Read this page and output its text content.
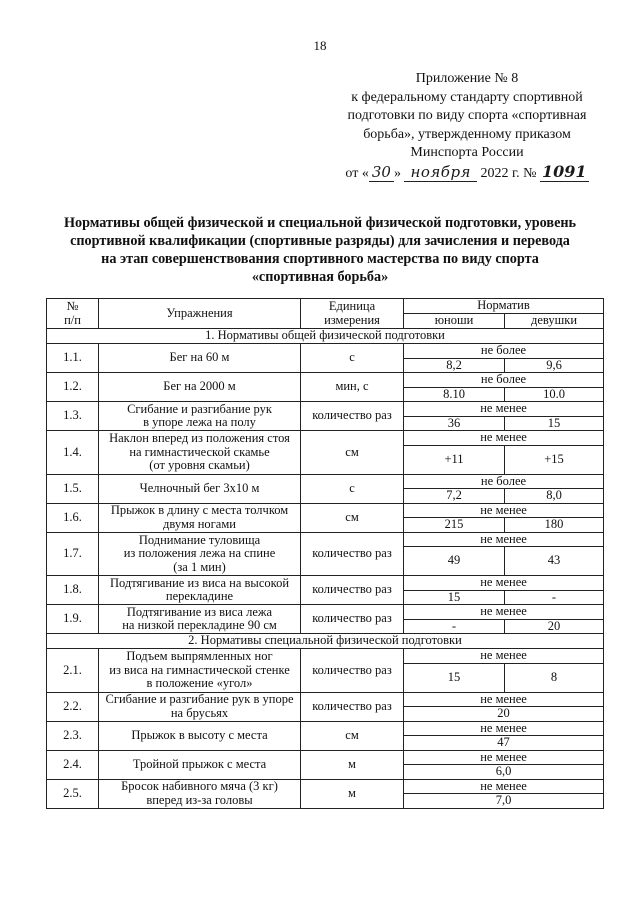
18
Приложение № 8
к федеральному стандарту спортивной
подготовки по виду спорта «спортивная
борьба», утвержденному приказом
Минспорта России
от « 30 » ноября 2022 г. № 1091
Нормативы общей физической и специальной физической подготовки, уровень
спортивной квалификации (спортивные разряды) для зачисления и перевода
на этап совершенствования спортивного мастерства по виду спорта
«спортивная борьба»
№
п/п	Упражнения	Единица
измерения	Норматив	
			юноши	девушки
1. Нормативы общей физической подготовки				
1.1.	Бег на 60 м	с	не более	
			8,2	9,6
1.2.	Бег на 2000 м	мин, с	не более	
			8.10	10.0
1.3.	Сгибание и разгибание рук
в упоре лежа на полу	количество раз	не менее	
			36	15
1.4.	Наклон вперед из положения стоя
на гимнастической скамье
(от уровня скамьи)	см	не менее	
			+11	+15
1.5.	Челночный бег 3х10 м	с	не более	
			7,2	8,0
1.6.	Прыжок в длину с места толчком
двумя ногами	см	не менее	
			215	180
1.7.	Поднимание туловища
из положения лежа на спине
(за 1 мин)	количество раз	не менее	
			49	43
1.8.	Подтягивание из виса на высокой
перекладине	количество раз	не менее	
			15	-
1.9.	Подтягивание из виса лежа
на низкой перекладине 90 см	количество раз	не менее	
			-	20
2. Нормативы специальной физической подготовки				
2.1.	Подъем выпрямленных ног
из виса на гимнастической стенке
в положение «угол»	количество раз	не менее	
			15	8
2.2.	Сгибание и разгибание рук в упоре
на брусьях	количество раз	не менее	
			20	
2.3.	Прыжок в высоту с места	см	не менее	
			47	
2.4.	Тройной прыжок с места	м	не менее	
			6,0	
2.5.	Бросок набивного мяча (3 кг)
вперед из-за головы	м	не менее	
			7,0	
